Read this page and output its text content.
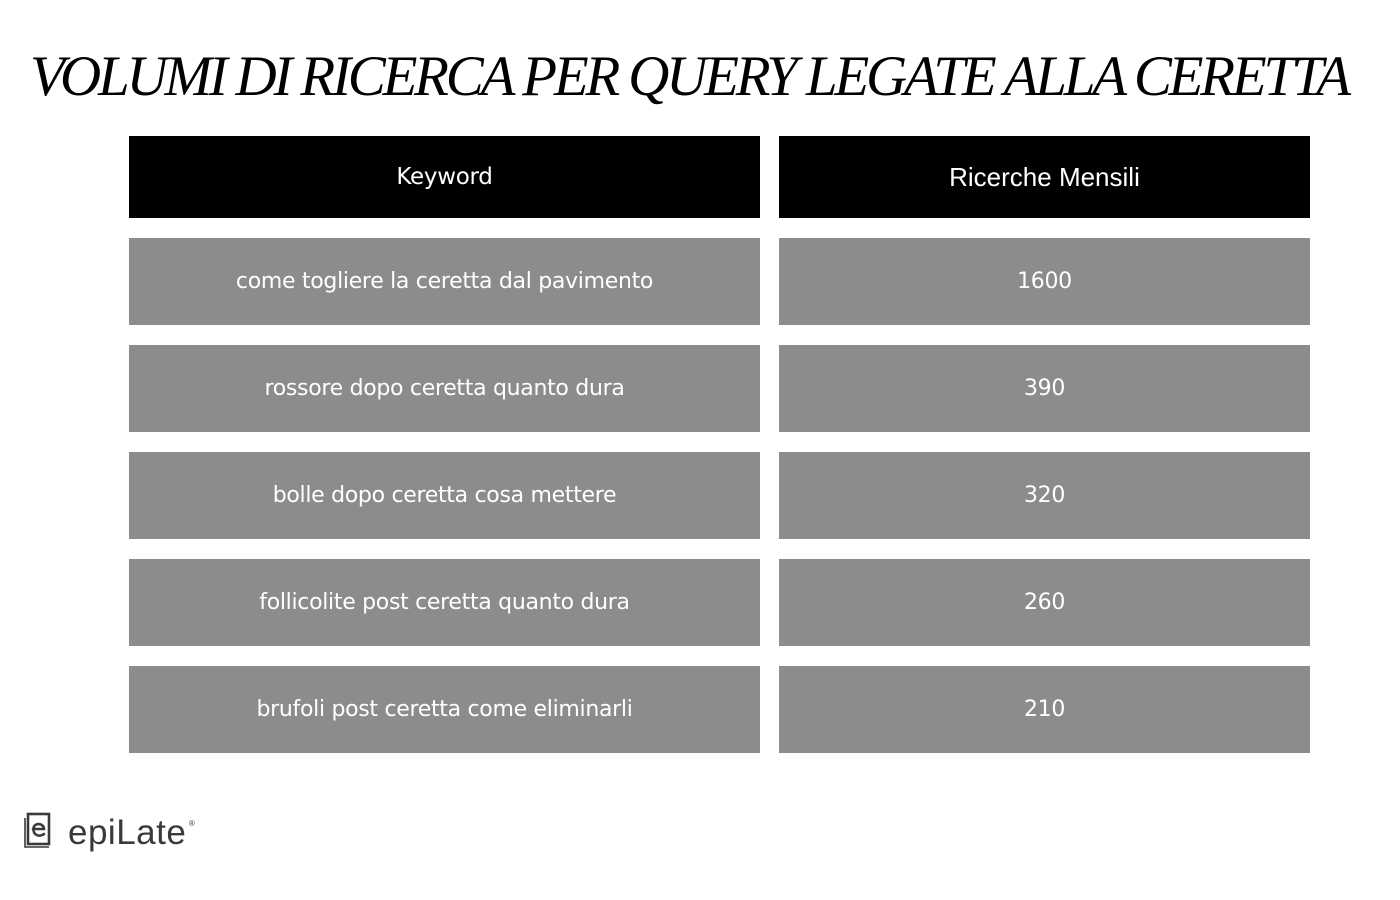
VOLUMI DI RICERCA PER QUERY LEGATE ALLA CERETTA
Keyword	Ricerche Mensili
come togliere la ceretta dal pavimento	1600
rossore dopo ceretta quanto dura	390
bolle dopo ceretta cosa mettere	320
follicolite post ceretta quanto dura	260
brufoli post ceretta come eliminarli	210
epiLate ®
